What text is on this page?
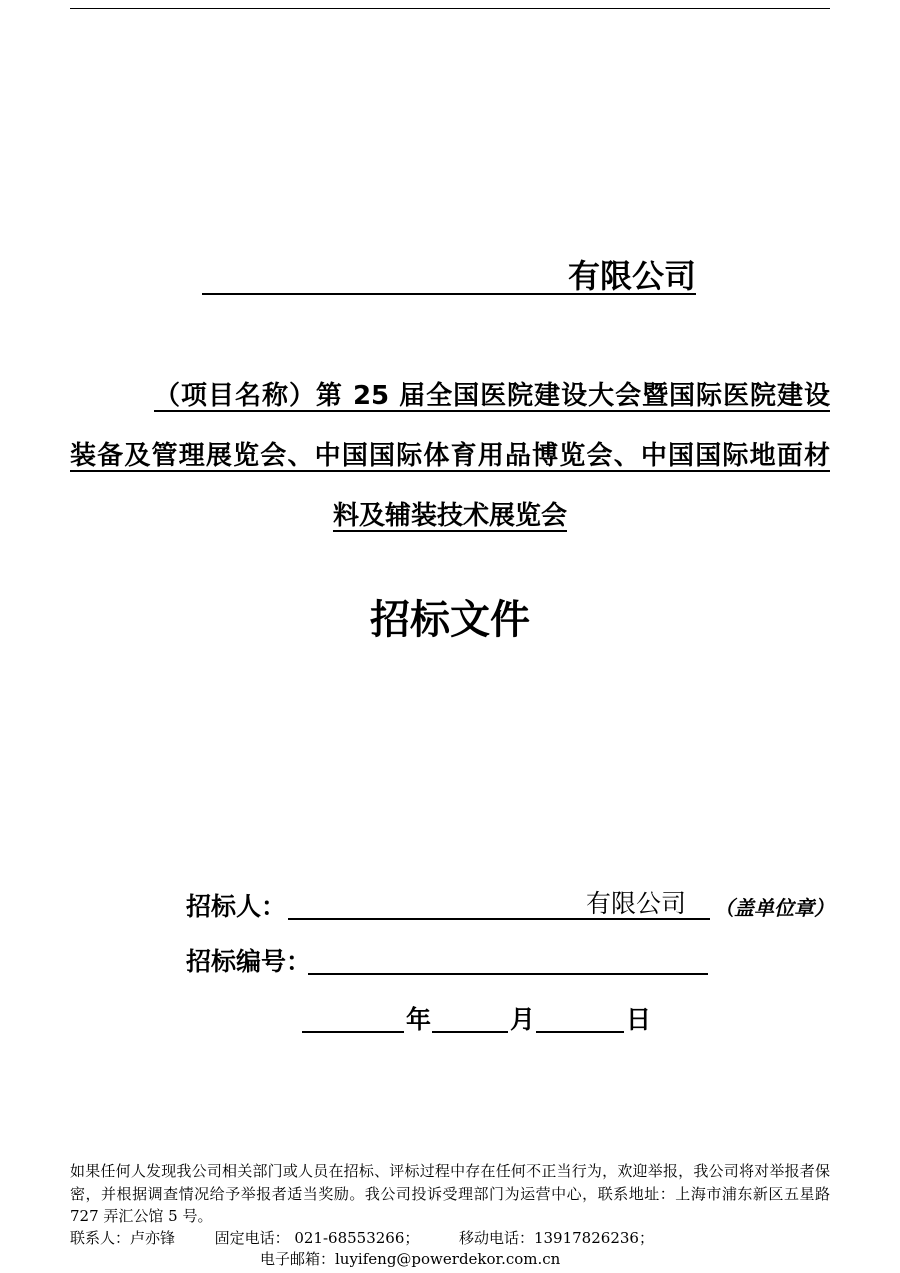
有限公司
（项目名称）第 25 届全国医院建设大会暨国际医院建设
装备及管理展览会、中国国际体育用品博览会、中国国际地面材
料及辅装技术展览会
招标文件
招标人：	有限公司 （盖单位章）
招标编号：
年	月	日
如果任何人发现我公司相关部门或人员在招标、评标过程中存在任何不正当行为，欢迎举报，我公司将对举报者保密，并根据调查情况给予举报者适当奖励。我公司投诉受理部门为运营中心，联系地址：上海市浦东新区五星路 727 弄汇公馆 5 号。
联系人：卢亦锋	固定电话： 021-68553266；	移动电话：13917826236；
电子邮箱：luyifeng@powerdekor.com.cn
